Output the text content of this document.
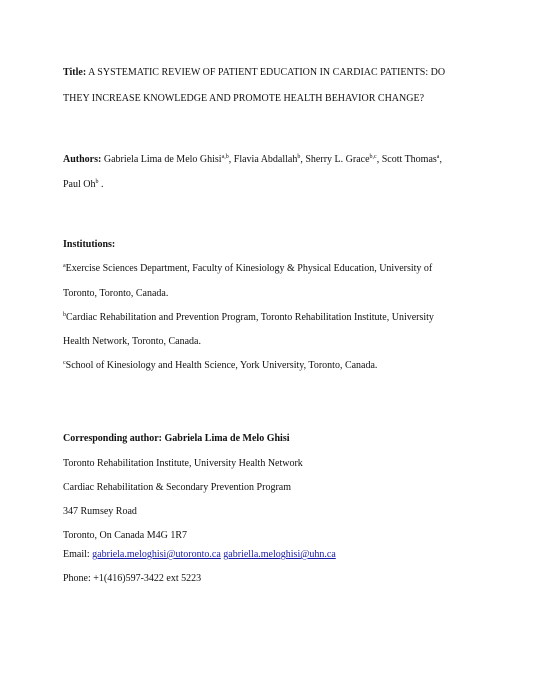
Title: A SYSTEMATIC REVIEW OF PATIENT EDUCATION IN CARDIAC PATIENTS: DO
THEY INCREASE KNOWLEDGE AND PROMOTE HEALTH BEHAVIOR CHANGE?
Authors: Gabriela Lima de Melo Ghisi$^{a,b}$, Flavia Abdallah$^b$, Sherry L. Grace$^{b,c}$, Scott Thomas$^a$,
Paul Oh$^b$ .
Institutions:
$^a$Exercise Sciences Department, Faculty of Kinesiology & Physical Education, University of
Toronto, Toronto, Canada.
$^b$Cardiac Rehabilitation and Prevention Program, Toronto Rehabilitation Institute, University
Health Network, Toronto, Canada.
$^c$School of Kinesiology and Health Science, York University, Toronto, Canada.
Corresponding author: Gabriela Lima de Melo Ghisi
Toronto Rehabilitation Institute, University Health Network
Cardiac Rehabilitation & Secondary Prevention Program
347 Rumsey Road
Toronto, On Canada M4G 1R7
Email: gabriela.meloghisi@utoronto.ca gabriella.meloghisi@uhn.ca
Phone: +1(416)597-3422 ext 5223
